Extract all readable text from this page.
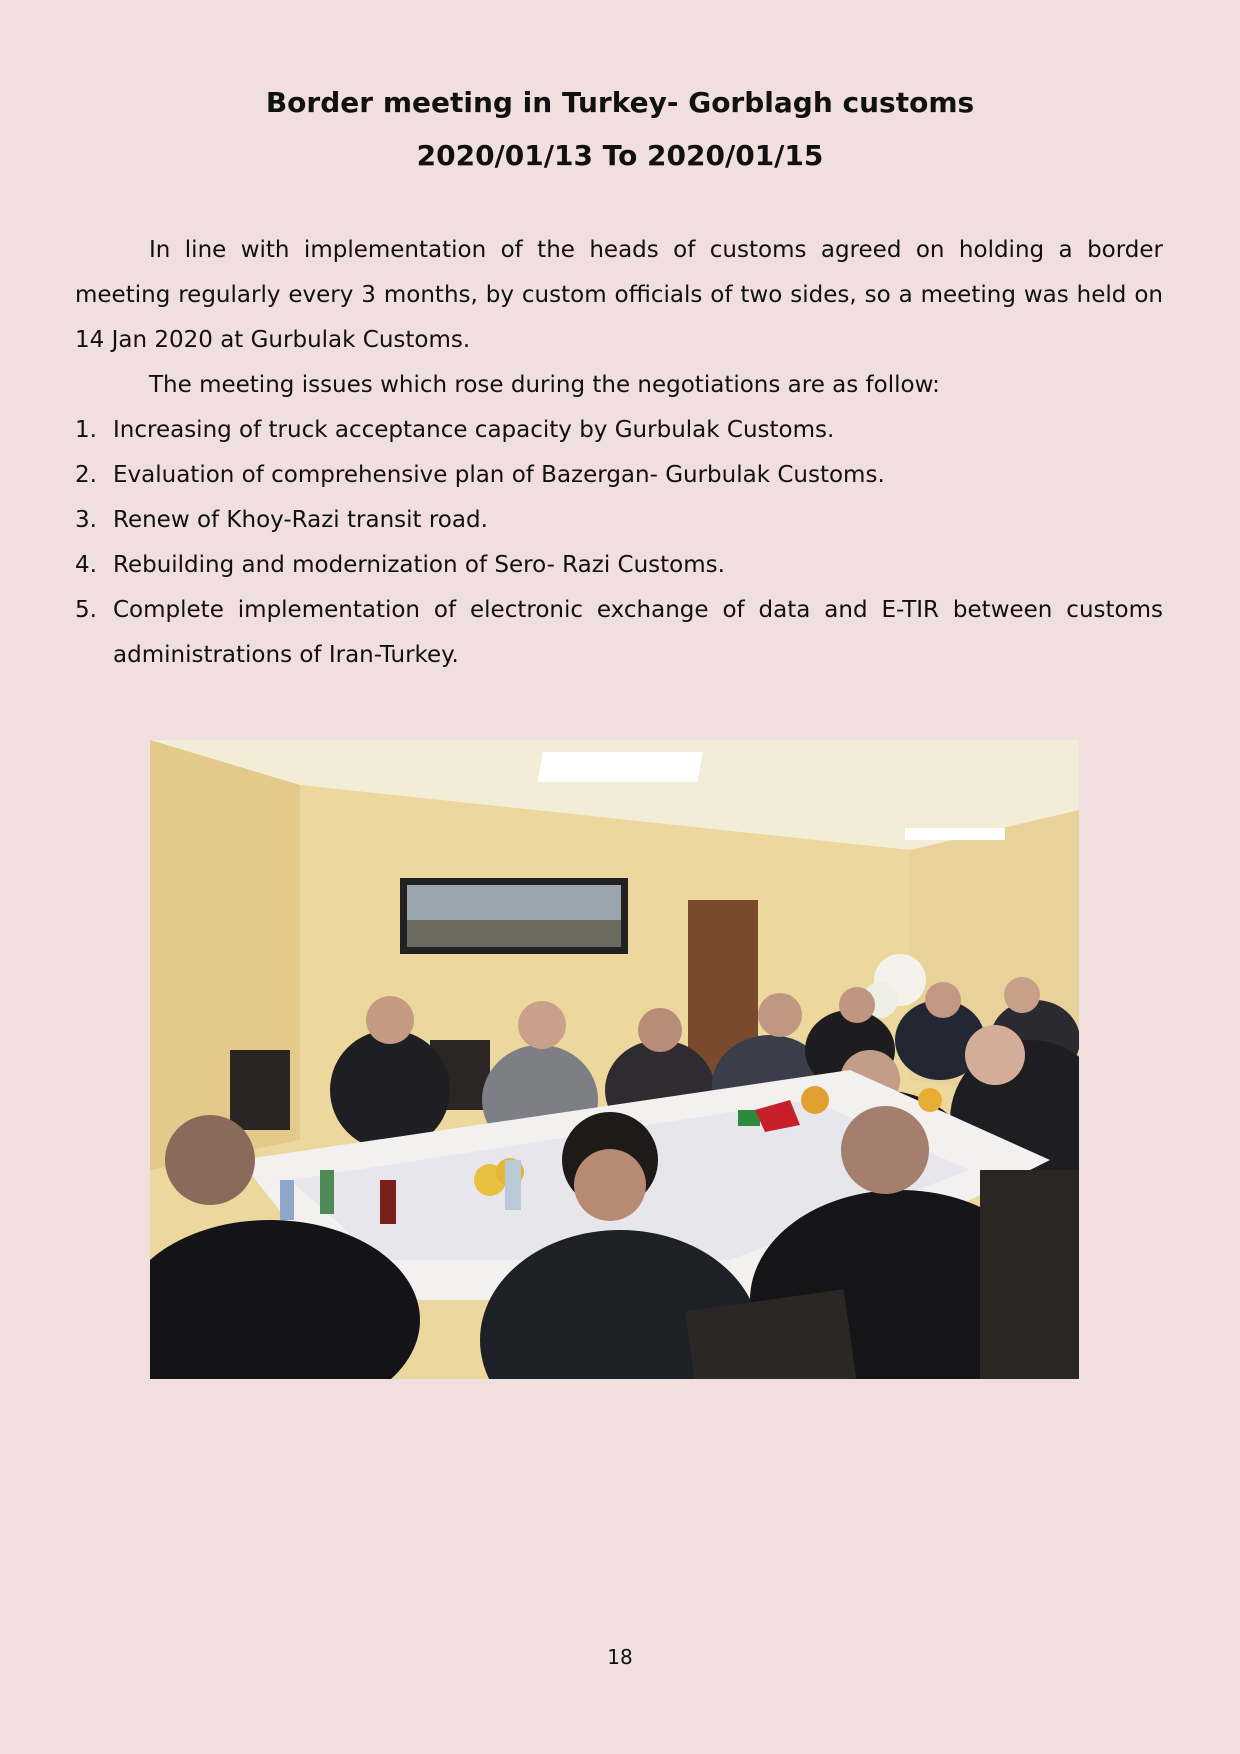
Border meeting in Turkey- Gorblagh customs
2020/01/13 To 2020/01/15

In line with implementation of the heads of customs agreed on holding a border meeting regularly every 3 months, by custom officials of two sides, so a meeting was held on 14 Jan 2020 at Gurbulak Customs.

The meeting issues which rose during the negotiations are as follow:

1. Increasing of truck acceptance capacity by Gurbulak Customs.
2. Evaluation of comprehensive plan of Bazergan- Gurbulak Customs.
3. Renew of Khoy-Razi transit road.
4. Rebuilding and modernization of Sero- Razi Customs.
5. Complete implementation of electronic exchange of data and E-TIR between customs administrations of Iran-Turkey.
18
